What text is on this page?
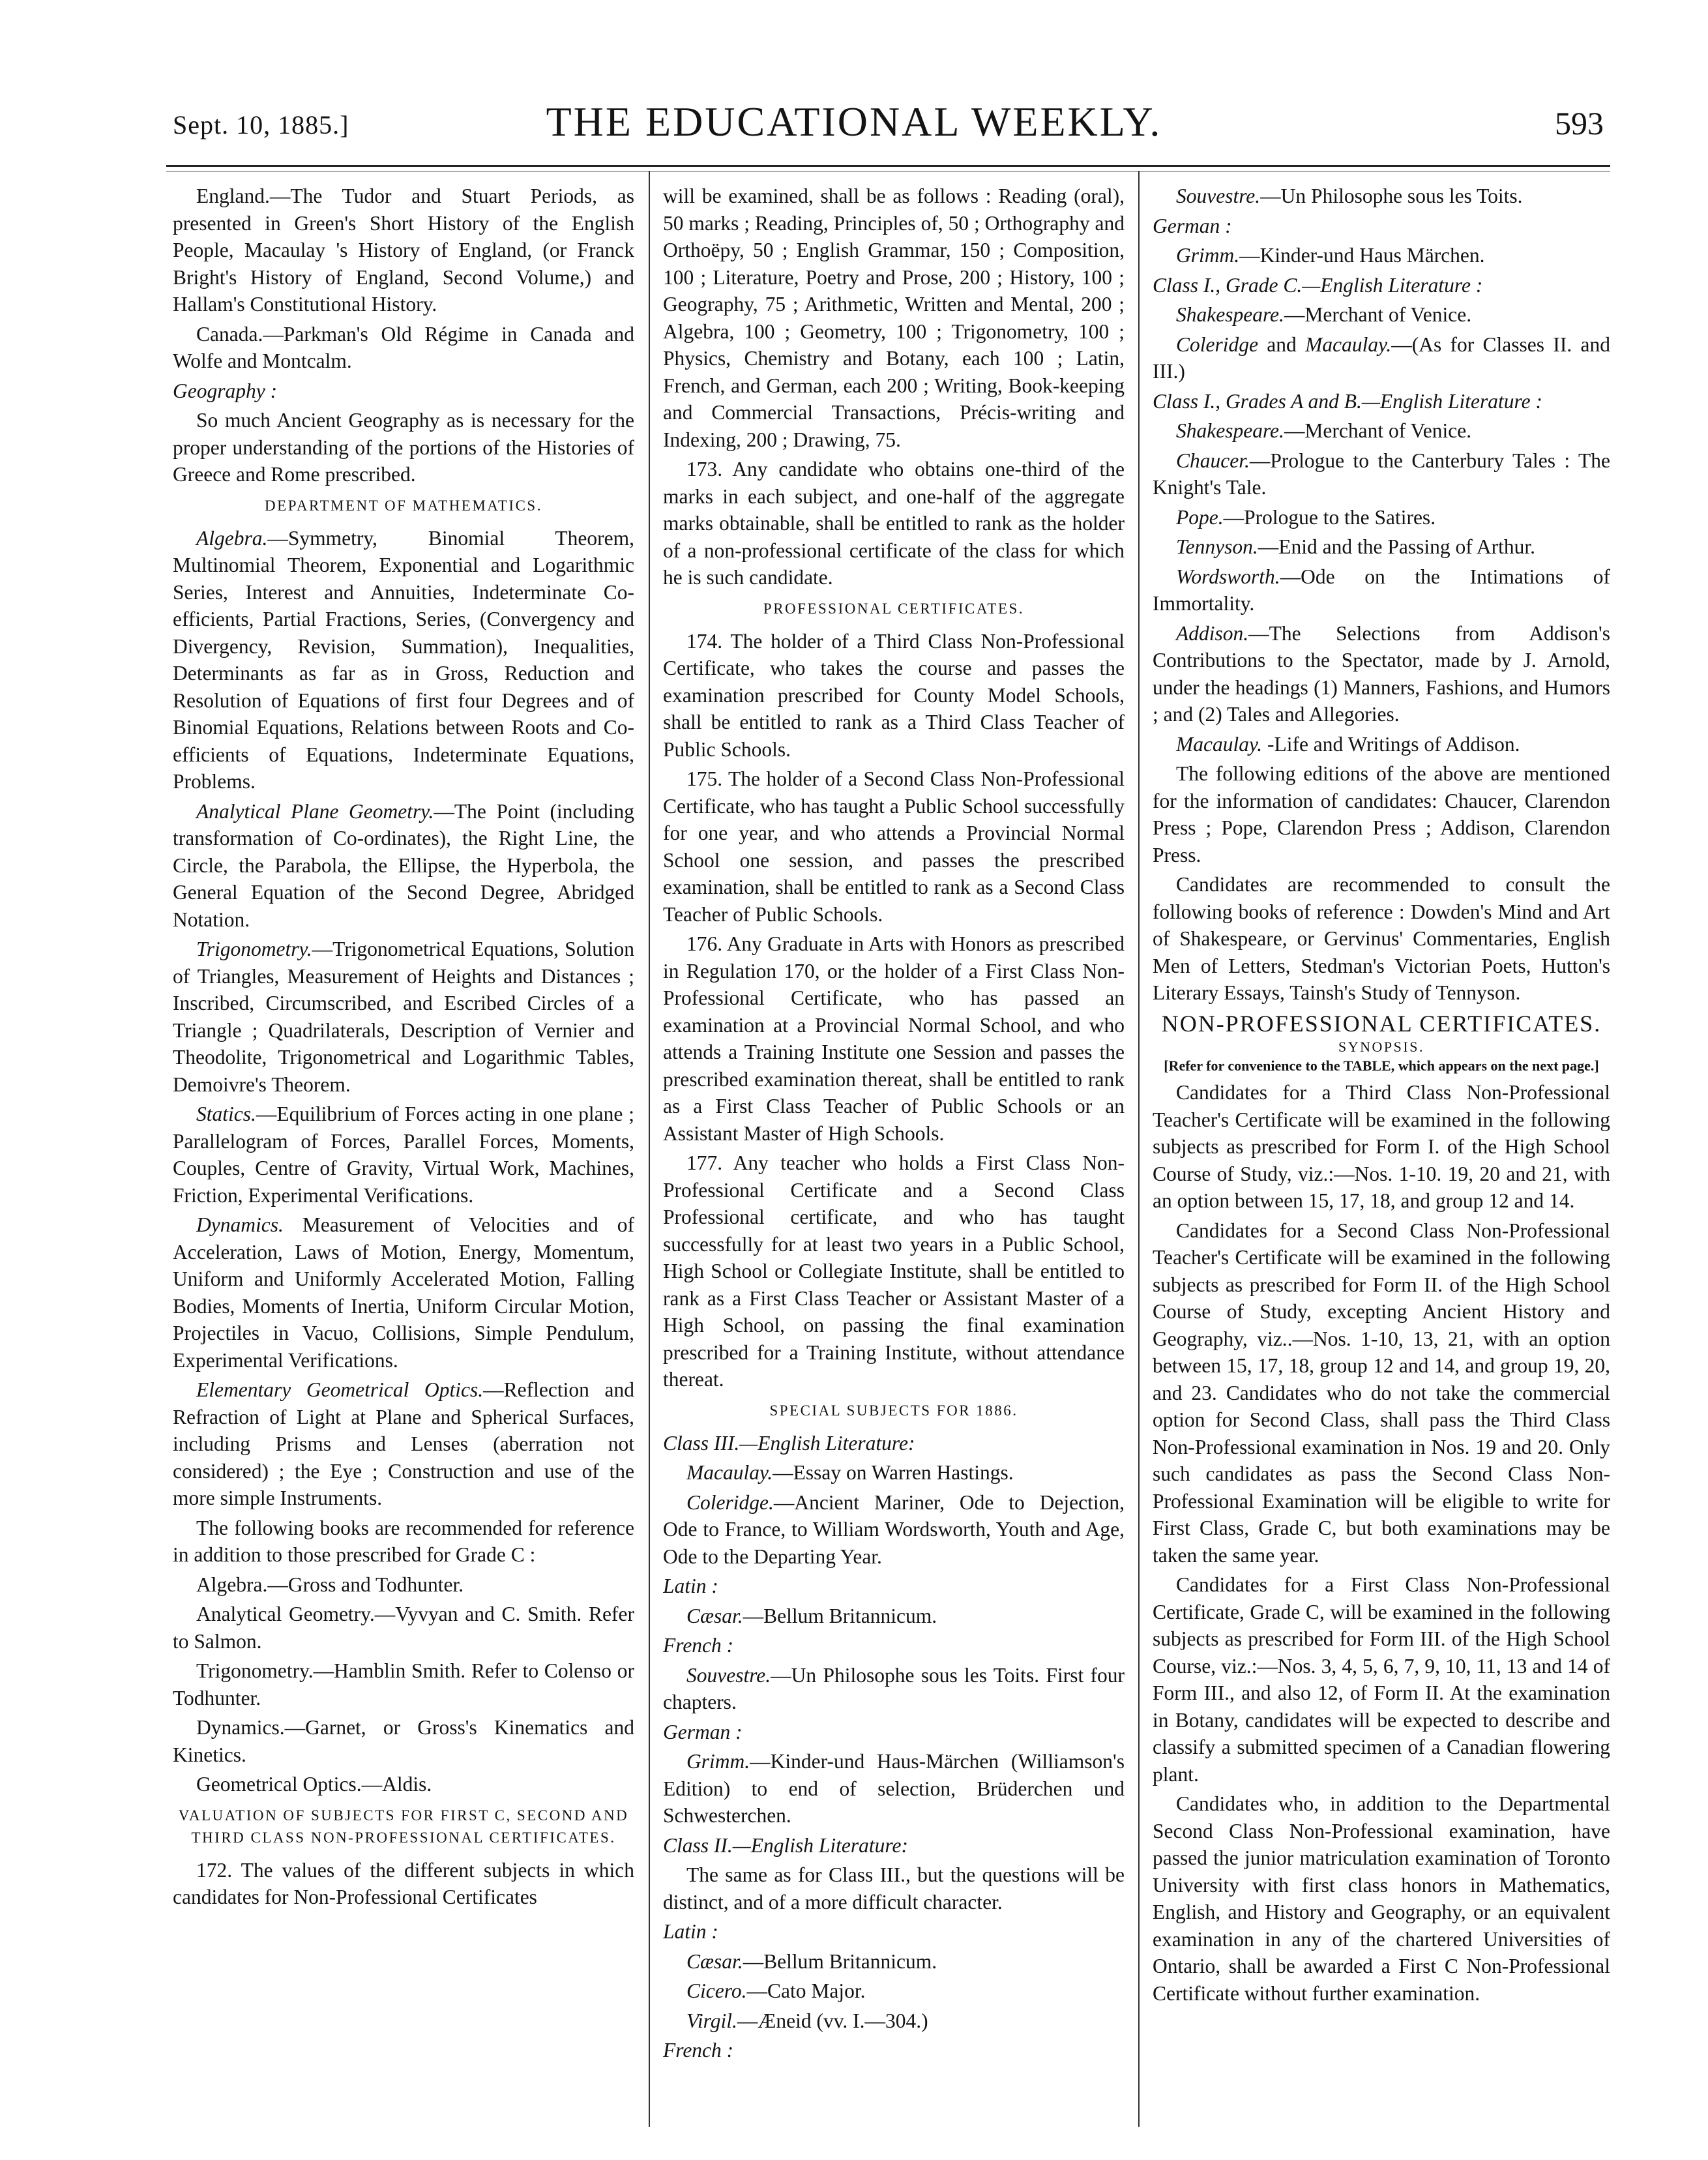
Sept. 10, 1885.]	THE EDUCATIONAL WEEKLY.	593

England.—The Tudor and Stuart Periods, as presented in Green's Short History of the English People, Macaulay 's History of England, (or Franck Bright's History of England, Second Volume,) and Hallam's Constitutional History.

Canada.—Parkman's Old Régime in Canada and Wolfe and Montcalm.

Geography :

So much Ancient Geography as is necessary for the proper understanding of the portions of the Histories of Greece and Rome prescribed.

DEPARTMENT OF MATHEMATICS.

Algebra.—Symmetry, Binomial Theorem, Multinomial Theorem, Exponential and Logarithmic Series, Interest and Annuities, Indeterminate Co-efficients, Partial Fractions, Series, (Convergency and Divergency, Revision, Summation), Inequalities, Determinants as far as in Gross, Reduction and Resolution of Equations of first four Degrees and of Binomial Equations, Relations between Roots and Co-efficients of Equations, Indeterminate Equations, Problems.

Analytical Plane Geometry.—The Point (including transformation of Co-ordinates), the Right Line, the Circle, the Parabola, the Ellipse, the Hyperbola, the General Equation of the Second Degree, Abridged Notation.

Trigonometry.—Trigonometrical Equations, Solution of Triangles, Measurement of Heights and Distances ; Inscribed, Circumscribed, and Escribed Circles of a Triangle ; Quadrilaterals, Description of Vernier and Theodolite, Trigonometrical and Logarithmic Tables, Demoivre's Theorem.

Statics.—Equilibrium of Forces acting in one plane ; Parallelogram of Forces, Parallel Forces, Moments, Couples, Centre of Gravity, Virtual Work, Machines, Friction, Experimental Verifications.

Dynamics. Measurement of Velocities and of Acceleration, Laws of Motion, Energy, Momentum, Uniform and Uniformly Accelerated Motion, Falling Bodies, Moments of Inertia, Uniform Circular Motion, Projectiles in Vacuo, Collisions, Simple Pendulum, Experimental Verifications.

Elementary Geometrical Optics.—Reflection and Refraction of Light at Plane and Spherical Surfaces, including Prisms and Lenses (aberration not considered) ; the Eye ; Construction and use of the more simple Instruments.

The following books are recommended for reference in addition to those prescribed for Grade C :

Algebra.—Gross and Todhunter.

Analytical Geometry.—Vyvyan and C. Smith. Refer to Salmon.

Trigonometry.—Hamblin Smith. Refer to Colenso or Todhunter.

Dynamics.—Garnet, or Gross's Kinematics and Kinetics.

Geometrical Optics.—Aldis.

VALUATION OF SUBJECTS FOR FIRST C, SECOND AND THIRD CLASS NON-PROFESSIONAL CERTIFICATES.

172. The values of the different subjects in which candidates for Non-Professional Certificates

will be examined, shall be as follows : Reading (oral), 50 marks ; Reading, Principles of, 50 ; Orthography and Orthoëpy, 50 ; English Grammar, 150 ; Composition, 100 ; Literature, Poetry and Prose, 200 ; History, 100 ; Geography, 75 ; Arithmetic, Written and Mental, 200 ; Algebra, 100 ; Geometry, 100 ; Trigonometry, 100 ; Physics, Chemistry and Botany, each 100 ; Latin, French, and German, each 200 ; Writing, Book-keeping and Commercial Transactions, Précis-writing and Indexing, 200 ; Drawing, 75.

173. Any candidate who obtains one-third of the marks in each subject, and one-half of the aggregate marks obtainable, shall be entitled to rank as the holder of a non-professional certificate of the class for which he is such candidate.

PROFESSIONAL CERTIFICATES.

174. The holder of a Third Class Non-Professional Certificate, who takes the course and passes the examination prescribed for County Model Schools, shall be entitled to rank as a Third Class Teacher of Public Schools.

175. The holder of a Second Class Non-Professional Certificate, who has taught a Public School successfully for one year, and who attends a Provincial Normal School one session, and passes the prescribed examination, shall be entitled to rank as a Second Class Teacher of Public Schools.

176. Any Graduate in Arts with Honors as prescribed in Regulation 170, or the holder of a First Class Non-Professional Certificate, who has passed an examination at a Provincial Normal School, and who attends a Training Institute one Session and passes the prescribed examination thereat, shall be entitled to rank as a First Class Teacher of Public Schools or an Assistant Master of High Schools.

177. Any teacher who holds a First Class Non-Professional Certificate and a Second Class Professional certificate, and who has taught successfully for at least two years in a Public School, High School or Collegiate Institute, shall be entitled to rank as a First Class Teacher or Assistant Master of a High School, on passing the final examination prescribed for a Training Institute, without attendance thereat.

SPECIAL SUBJECTS FOR 1886.

Class III.—English Literature:

Macaulay.—Essay on Warren Hastings.

Coleridge.—Ancient Mariner, Ode to Dejection, Ode to France, to William Wordsworth, Youth and Age, Ode to the Departing Year.

Latin :

Cæsar.—Bellum Britannicum.

French :

Souvestre.—Un Philosophe sous les Toits. First four chapters.

German :

Grimm.—Kinder-und Haus-Märchen (Williamson's Edition) to end of selection, Brüderchen und Schwesterchen.

Class II.—English Literature:

The same as for Class III., but the questions will be distinct, and of a more difficult character.

Latin :

Cæsar.—Bellum Britannicum.

Cicero.—Cato Major.

Virgil.—Æneid (vv. I.—304.)

French :

Souvestre.—Un Philosophe sous les Toits.

German :

Grimm.—Kinder-und Haus Märchen.

Class I., Grade C.—English Literature :

Shakespeare.—Merchant of Venice.

Coleridge and Macaulay.—(As for Classes II. and III.)

Class I., Grades A and B.—English Literature :

Shakespeare.—Merchant of Venice.

Chaucer.—Prologue to the Canterbury Tales : The Knight's Tale.

Pope.—Prologue to the Satires.

Tennyson.—Enid and the Passing of Arthur.

Wordsworth.—Ode on the Intimations of Immortality.

Addison.—The Selections from Addison's Contributions to the Spectator, made by J. Arnold, under the headings (1) Manners, Fashions, and Humors ; and (2) Tales and Allegories.

Macaulay. -Life and Writings of Addison.

The following editions of the above are mentioned for the information of candidates: Chaucer, Clarendon Press ; Pope, Clarendon Press ; Addison, Clarendon Press.

Candidates are recommended to consult the following books of reference : Dowden's Mind and Art of Shakespeare, or Gervinus' Commentaries, English Men of Letters, Stedman's Victorian Poets, Hutton's Literary Essays, Tainsh's Study of Tennyson.

NON-PROFESSIONAL CERTIFICATES.

SYNOPSIS.

[Refer for convenience to the TABLE, which appears on the next page.]

Candidates for a Third Class Non-Professional Teacher's Certificate will be examined in the following subjects as prescribed for Form I. of the High School Course of Study, viz.:—Nos. 1-10. 19, 20 and 21, with an option between 15, 17, 18, and group 12 and 14.

Candidates for a Second Class Non-Professional Teacher's Certificate will be examined in the following subjects as prescribed for Form II. of the High School Course of Study, excepting Ancient History and Geography, viz..—Nos. 1-10, 13, 21, with an option between 15, 17, 18, group 12 and 14, and group 19, 20, and 23. Candidates who do not take the commercial option for Second Class, shall pass the Third Class Non-Professional examination in Nos. 19 and 20. Only such candidates as pass the Second Class Non-Professional Examination will be eligible to write for First Class, Grade C, but both examinations may be taken the same year.

Candidates for a First Class Non-Professional Certificate, Grade C, will be examined in the following subjects as prescribed for Form III. of the High School Course, viz.:—Nos. 3, 4, 5, 6, 7, 9, 10, 11, 13 and 14 of Form III., and also 12, of Form II. At the examination in Botany, candidates will be expected to describe and classify a submitted specimen of a Canadian flowering plant.

Candidates who, in addition to the Departmental Second Class Non-Professional examination, have passed the junior matriculation examination of Toronto University with first class honors in Mathematics, English, and History and Geography, or an equivalent examination in any of the chartered Universities of Ontario, shall be awarded a First C Non-Professional Certificate without further examination.
